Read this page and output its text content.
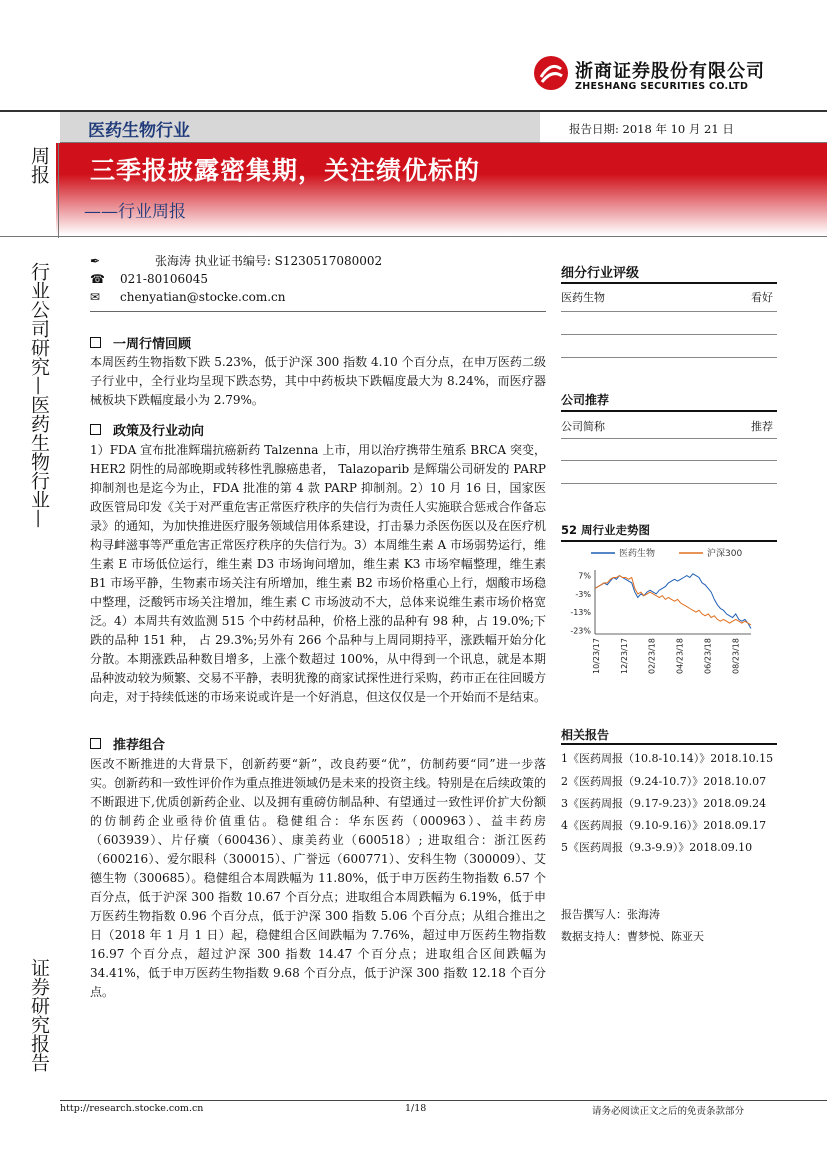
浙商证券股份有限公司
ZHESHANG SECURITIES CO.LTD
医药生物行业	报告日期: 2018 年 10 月 21 日
三季报披露密集期，关注绩优标的
——行业周报
周报
行业公司研究—医药生物行业—
证券研究报告
✒	张海涛 执业证书编号: S1230517080002
☎ 021-80106045
✉ chenyatian@stocke.com.cn
一周行情回顾
本周医药生物指数下跌 5.23%，低于沪深 300 指数 4.10 个百分点，在申万医药二级子行业中，全行业均呈现下跌态势，其中中药板块下跌幅度最大为 8.24%，而医疗器械板块下跌幅度最小为 2.79%。
政策及行业动向
1）FDA 宣布批准辉瑞抗癌新药 Talzenna 上市，用以治疗携带生殖系 BRCA 突变，HER2 阴性的局部晚期或转移性乳腺癌患者， Talazoparib 是辉瑞公司研发的 PARP 抑制剂也是迄今为止，FDA 批准的第 4 款 PARP 抑制剂。2）10 月 16 日，国家医政医管局印发《关于对严重危害正常医疗秩序的失信行为责任人实施联合惩戒合作备忘录》的通知，为加快推进医疗服务领域信用体系建设，打击暴力杀医伤医以及在医疗机构寻衅滋事等严重危害正常医疗秩序的失信行为。3）本周维生素 A 市场弱势运行，维生素 E 市场低位运行，维生素 D3 市场询问增加，维生素 K3 市场窄幅整理，维生素 B1 市场平静，生物素市场关注有所增加，维生素 B2 市场价格重心上行，烟酸市场稳中整理，泛酸钙市场关注增加，维生素 C 市场波动不大，总体来说维生素市场价格宽泛。4）本周共有效监测 515 个中药材品种，价格上涨的品种有 98 种，占 19.0%;下跌的品种 151 种， 占 29.3%;另外有 266 个品种与上周同期持平，涨跌幅开始分化分散。本期涨跌品种数目增多，上涨个数超过 100%，从中得到一个讯息，就是本期品种波动较为频繁、交易不平静，表明犹豫的商家试探性进行采购，药市正在往回暖方向走，对于持续低迷的市场来说或许是一个好消息，但这仅仅是一个开始而不是结束。
推荐组合
医改不断推进的大背景下，创新药要“新”，改良药要“优”，仿制药要“同”进一步落实。创新药和一致性评价作为重点推进领域仍是未来的投资主线。特别是在后续政策的不断跟进下,优质创新药企业、以及拥有重磅仿制品种、有望通过一致性评价扩大份额的仿制药企业亟待价值重估。稳健组合：华东医药（000963）、益丰药房（603939）、片仔癀（600436）、康美药业（600518）; 进取组合：浙江医药（600216）、爱尔眼科（300015）、广誉远（600771）、安科生物（300009）、艾德生物（300685）。稳健组合本周跌幅为 11.80%，低于申万医药生物指数 6.57 个百分点，低于沪深 300 指数 10.67 个百分点；进取组合本周跌幅为 6.19%，低于申万医药生物指数 0.96 个百分点，低于沪深 300 指数 5.06 个百分点；从组合推出之日（2018 年 1 月 1 日）起，稳健组合区间跌幅为 7.76%，超过申万医药生物指数 16.97 个百分点，超过沪深 300 指数 14.47 个百分点；进取组合区间跌幅为 34.41%，低于申万医药生物指数 9.68 个百分点，低于沪深 300 指数 12.18 个百分点。
细分行业评级
医药生物	看好
公司推荐
公司简称	推荐
52 周行业走势图
医药生物	沪深300
7%
-3%
-13%
-23%
10/23/17 12/23/17 02/23/18 04/23/18 06/23/18 08/23/18
相关报告
1《医药周报（10.8-10.14）》2018.10.15
2《医药周报（9.24-10.7）》2018.10.07
3《医药周报（9.17-9.23）》2018.09.24
4《医药周报（9.10-9.16）》2018.09.17
5《医药周报（9.3-9.9）》2018.09.10
报告撰写人：张海涛
数据支持人：曹梦悦、陈亚天
http://research.stocke.com.cn	1/18	请务必阅读正文之后的免责条款部分
